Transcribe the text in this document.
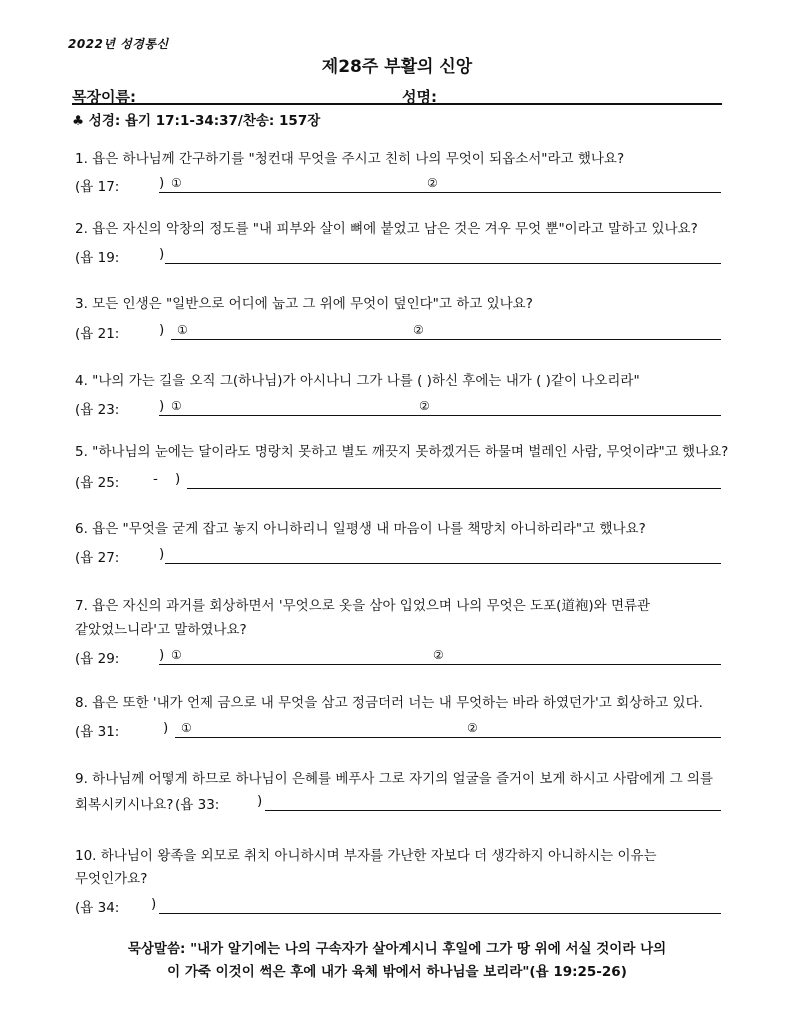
2022년 성경통신
제28주 부활의 신앙
목장이름:	성명:
♣ 성경: 욥기 17:1-34:37/찬송: 157장
1. 욥은 하나님께 간구하기를 "청컨대 무엇을 주시고 친히 나의 무엇이 되옵소서"라고 했나요?
(욥 17:	) ①	②
2. 욥은 자신의 악창의 정도를 "내 피부와 살이 뼈에 붙었고 남은 것은 겨우 무엇 뿐"이라고 말하고 있나요?
(욥 19:	)
3. 모든 인생은 "일반으로 어디에 눕고 그 위에 무엇이 덮인다"고 하고 있나요?
(욥 21:	) ①	②
4. "나의 가는 길을 오직 그(하나님)가 아시나니 그가 나를 ( )하신 후에는 내가 ( )같이 나오리라"
(욥 23:	) ①	②
5. "하나님의 눈에는 달이라도 명랑치 못하고 별도 깨끗지 못하겠거든 하물며 벌레인 사람, 무엇이랴"고 했나요?
(욥 25: - )
6. 욥은 "무엇을 굳게 잡고 놓지 아니하리니 일평생 내 마음이 나를 책망치 아니하리라"고 했나요?
(욥 27:	)
7. 욥은 자신의 과거를 회상하면서 '무엇으로 옷을 삼아 입었으며 나의 무엇은 도포(道袍)와 면류관
같았었느니라'고 말하였나요?
(욥 29:	) ①	②
8. 욥은 또한 '내가 언제 금으로 내 무엇을 삼고 정금더러 너는 내 무엇하는 바라 하였던가'고 회상하고 있다.
(욥 31:	) ①	②
9. 하나님께 어떻게 하므로 하나님이 은혜를 베푸사 그로 자기의 얼굴을 즐거이 보게 하시고 사람에게 그 의를
회복시키시나요? (욥 33:	)
10. 하나님이 왕족을 외모로 취치 아니하시며 부자를 가난한 자보다 더 생각하지 아니하시는 이유는
무엇인가요?
(욥 34: )
묵상말씀: "내가 알기에는 나의 구속자가 살아계시니 후일에 그가 땅 위에 서실 것이라 나의
이 가죽 이것이 썩은 후에 내가 육체 밖에서 하나님을 보리라"(욥 19:25-26)
